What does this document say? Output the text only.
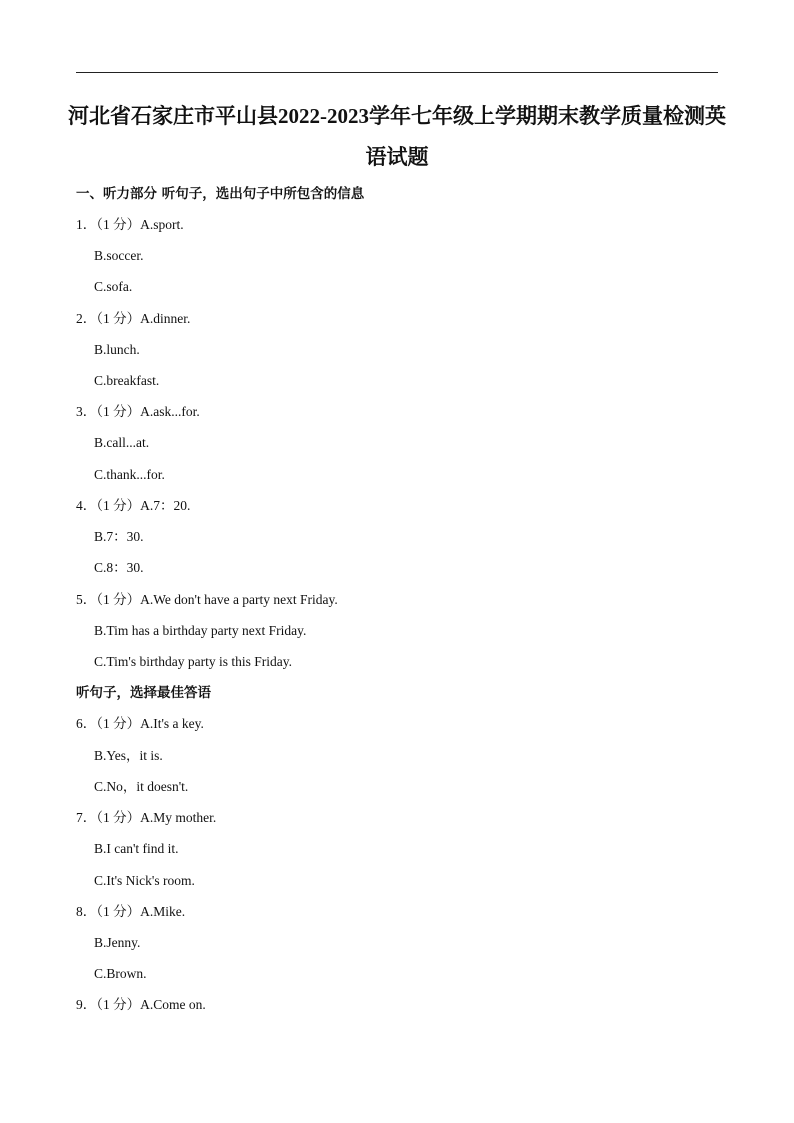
河北省石家庄市平山县2022-2023学年七年级上学期期末教学质量检测英
语试题
一、听力部分 听句子，选出句子中所包含的信息
1．（1 分）A.sport.
B.soccer.
C.sofa.
2．（1 分）A.dinner.
B.lunch.
C.breakfast.
3．（1 分）A.ask...for.
B.call...at.
C.thank...for.
4．（1 分）A.7：20.
B.7：30.
C.8：30.
5．（1 分）A.We don't have a party next Friday.
B.Tim has a birthday party next Friday.
C.Tim's birthday party is this Friday.
听句子，选择最佳答语
6．（1 分）A.It's a key.
B.Yes，it is.
C.No，it doesn't.
7．（1 分）A.My mother.
B.I can't find it.
C.It's Nick's room.
8．（1 分）A.Mike.
B.Jenny.
C.Brown.
9．（1 分）A.Come on.
